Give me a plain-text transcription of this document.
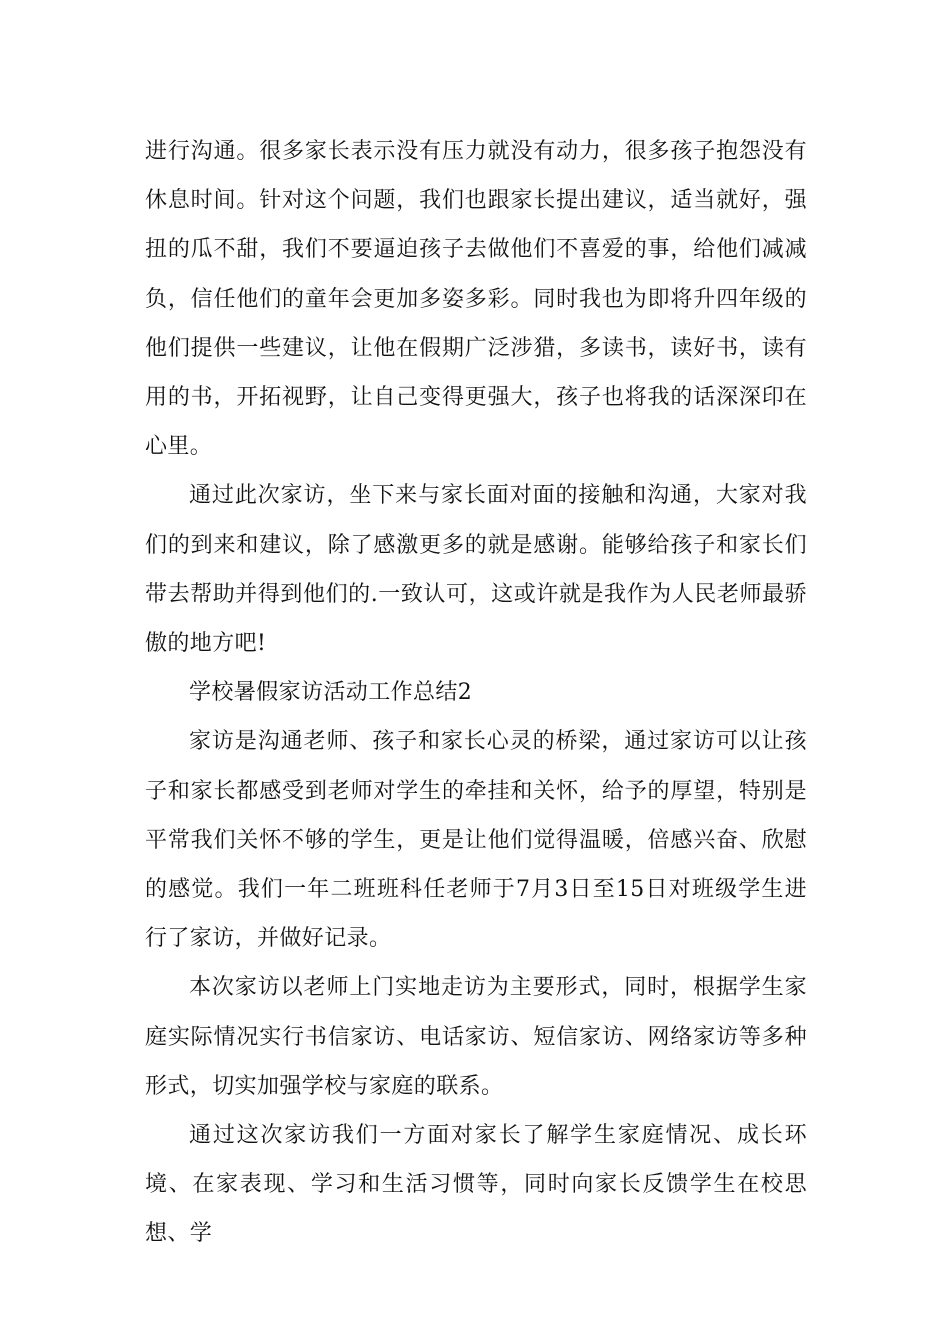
进行沟通。很多家长表示没有压力就没有动力，很多孩子抱怨没有休息时间。针对这个问题，我们也跟家长提出建议，适当就好，强扭的瓜不甜，我们不要逼迫孩子去做他们不喜爱的事，给他们减减负，信任他们的童年会更加多姿多彩。同时我也为即将升四年级的他们提供一些建议，让他在假期广泛涉猎，多读书，读好书，读有用的书，开拓视野，让自己变得更强大，孩子也将我的话深深印在心里。

通过此次家访，坐下来与家长面对面的接触和沟通，大家对我们的到来和建议，除了感激更多的就是感谢。能够给孩子和家长们带去帮助并得到他们的.一致认可，这或许就是我作为人民老师最骄傲的地方吧!

学校暑假家访活动工作总结2

家访是沟通老师、孩子和家长心灵的桥梁，通过家访可以让孩子和家长都感受到老师对学生的牵挂和关怀，给予的厚望，特别是平常我们关怀不够的学生，更是让他们觉得温暖，倍感兴奋、欣慰的感觉。我们一年二班班科任老师于7月3日至15日对班级学生进行了家访，并做好记录。

本次家访以老师上门实地走访为主要形式，同时，根据学生家庭实际情况实行书信家访、电话家访、短信家访、网络家访等多种形式，切实加强学校与家庭的联系。

通过这次家访我们一方面对家长了解学生家庭情况、成长环境、在家表现、学习和生活习惯等，同时向家长反馈学生在校思想、学
